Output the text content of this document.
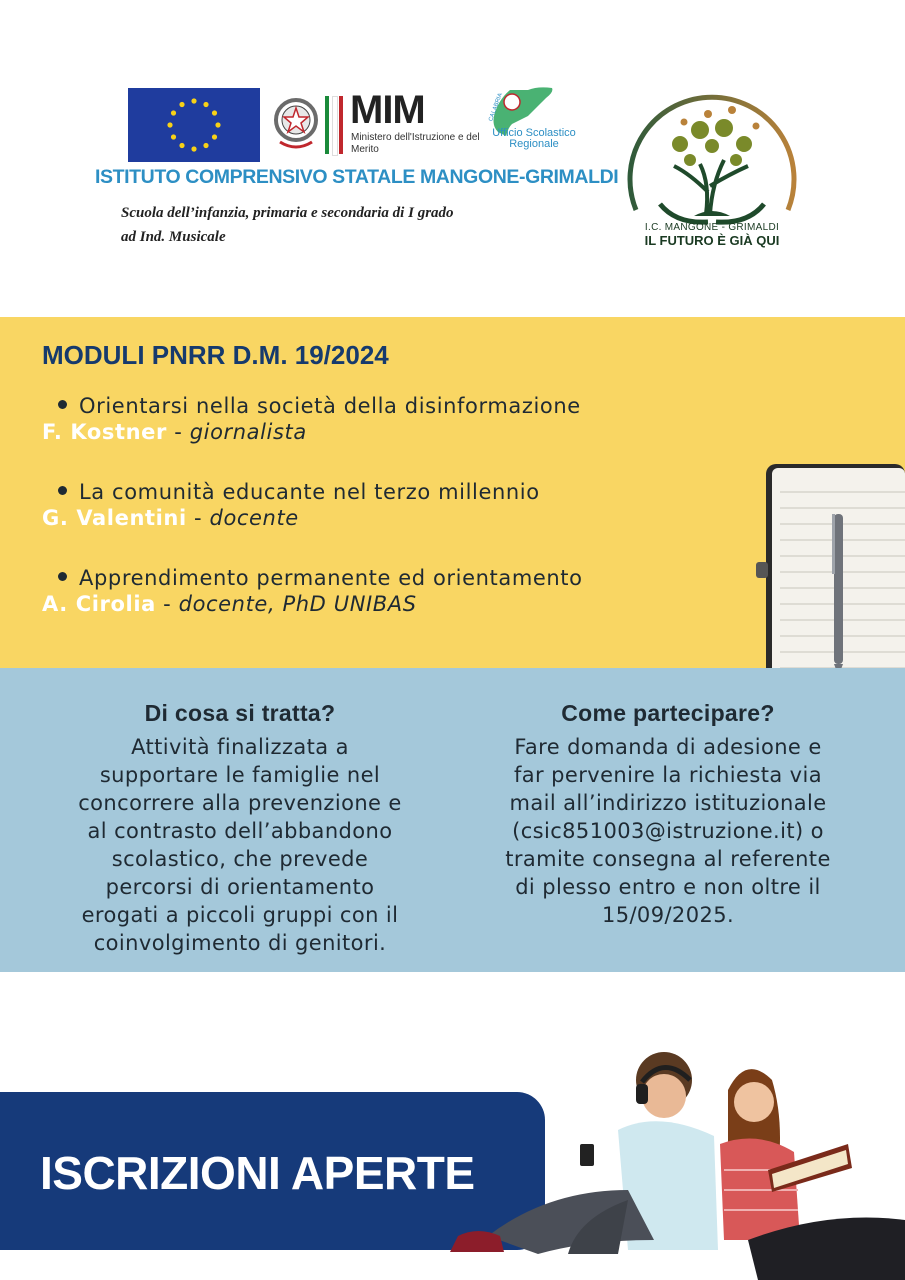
MIM
Ministero dell'Istruzione e del Merito
CALABRIA
Ufficio Scolastico Regionale
ISTITUTO COMPRENSIVO STATALE MANGONE-GRIMALDI
Scuola dell’infanzia, primaria e secondaria di I grado
ad Ind. Musicale
I.C. MANGONE - GRIMALDI
IL FUTURO È GIÀ QUI
MODULI PNRR D.M. 19/2024
Orientarsi nella società della disinformazione
F. Kostner - giornalista
La comunità educante nel terzo millennio
G. Valentini - docente
Apprendimento permanente ed orientamento
A. Cirolia - docente, PhD UNIBAS
Di cosa si tratta?

Attività finalizzata a
supportare le famiglie nel
concorrere alla prevenzione e
al contrasto dell’abbandono
scolastico, che prevede
percorsi di orientamento
erogati a piccoli gruppi con il
coinvolgimento di genitori.

Come partecipare?

Fare domanda di adesione e
far pervenire la richiesta via
mail all’indirizzo istituzionale
(csic851003@istruzione.it) o
tramite consegna al referente
di plesso entro e non oltre il
15/09/2025.

ISCRIZIONI APERTE
